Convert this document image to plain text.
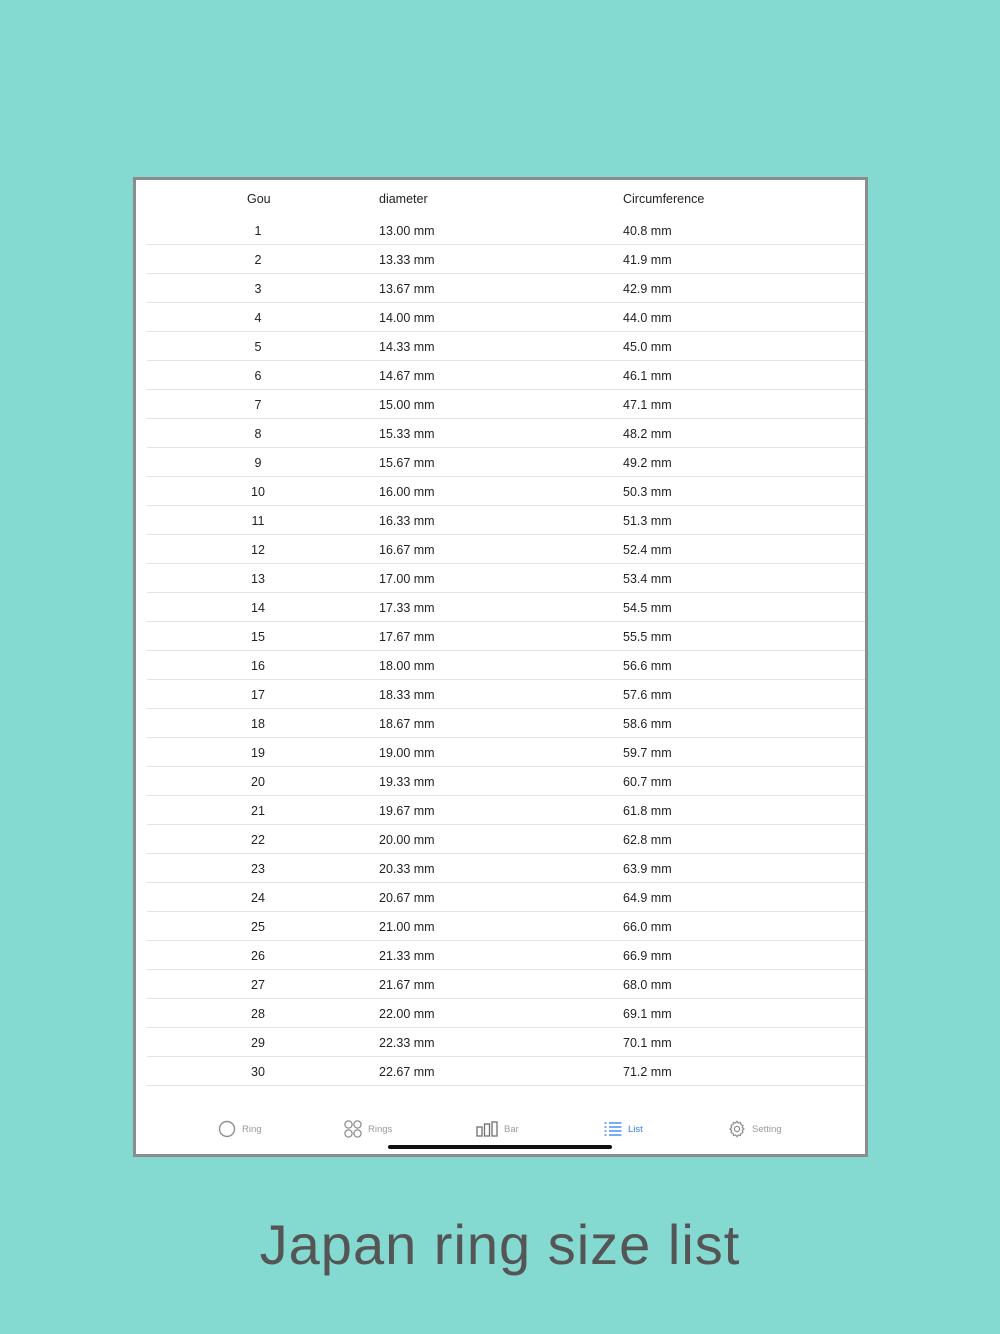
Gou	diameter	Circumference
1	13.00 mm	40.8 mm
2	13.33 mm	41.9 mm
3	13.67 mm	42.9 mm
4	14.00 mm	44.0 mm
5	14.33 mm	45.0 mm
6	14.67 mm	46.1 mm
7	15.00 mm	47.1 mm
8	15.33 mm	48.2 mm
9	15.67 mm	49.2 mm
10	16.00 mm	50.3 mm
11	16.33 mm	51.3 mm
12	16.67 mm	52.4 mm
13	17.00 mm	53.4 mm
14	17.33 mm	54.5 mm
15	17.67 mm	55.5 mm
16	18.00 mm	56.6 mm
17	18.33 mm	57.6 mm
18	18.67 mm	58.6 mm
19	19.00 mm	59.7 mm
20	19.33 mm	60.7 mm
21	19.67 mm	61.8 mm
22	20.00 mm	62.8 mm
23	20.33 mm	63.9 mm
24	20.67 mm	64.9 mm
25	21.00 mm	66.0 mm
26	21.33 mm	66.9 mm
27	21.67 mm	68.0 mm
28	22.00 mm	69.1 mm
29	22.33 mm	70.1 mm
30	22.67 mm	71.2 mm
Ring	Rings	Bar	List	Setting
Japan ring size list
